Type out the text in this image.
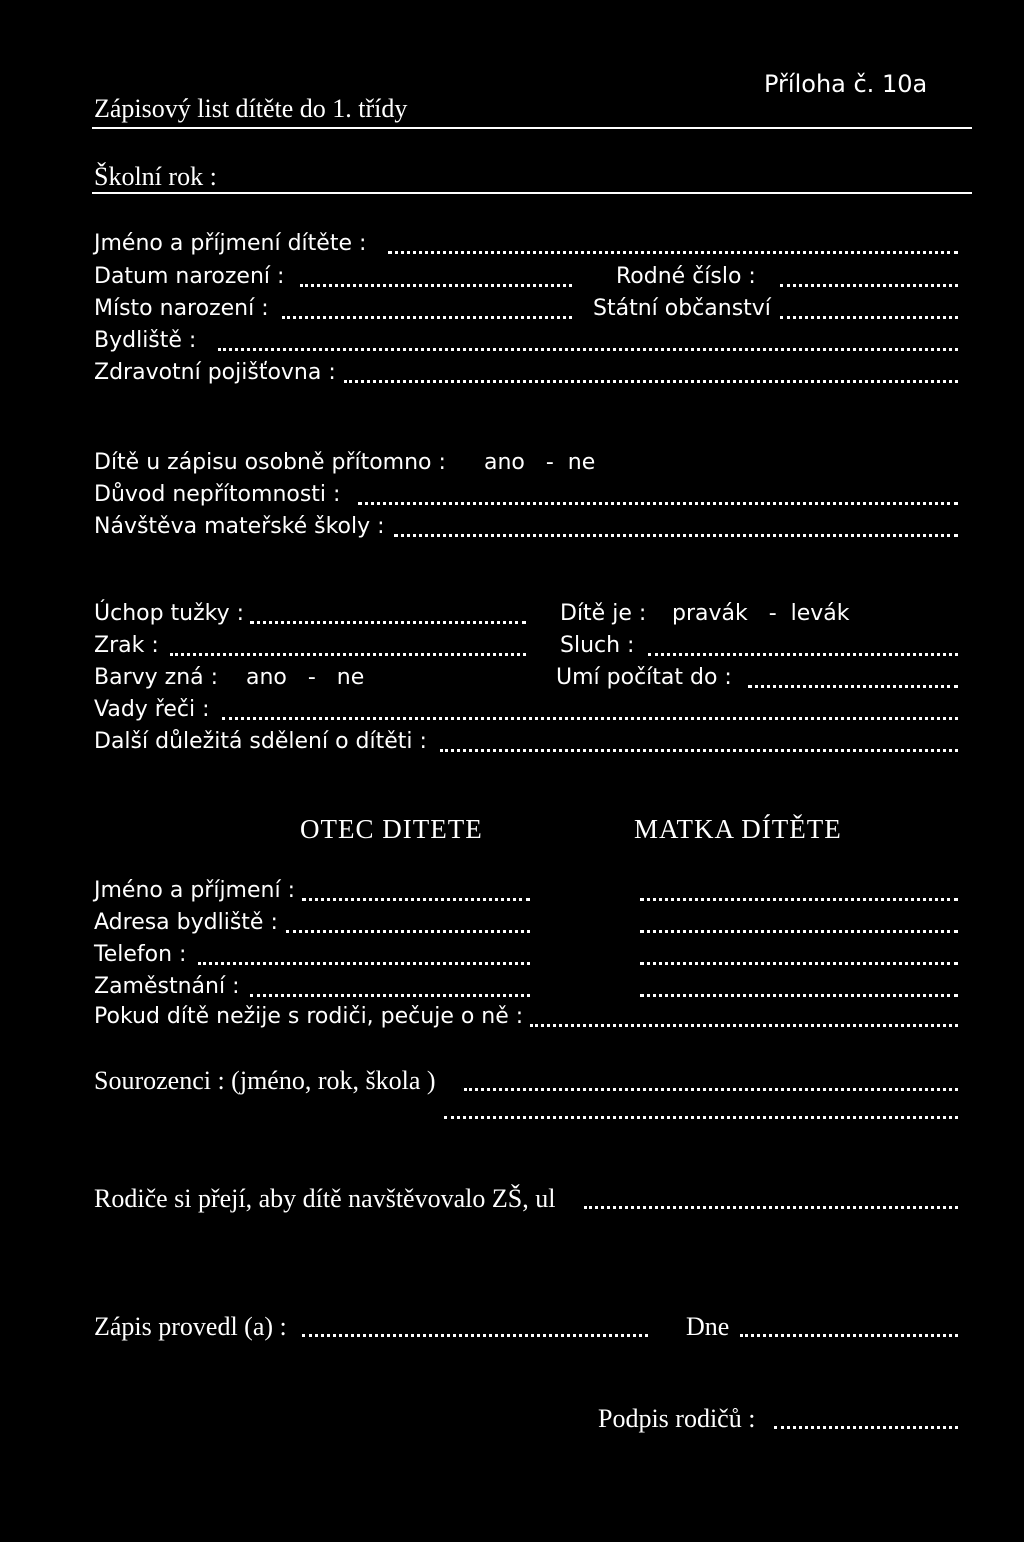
Zápisový list dítěte do 1. třídy
Příloha č. 10a
Školní rok :
Jméno a příjmení dítěte :
Datum narození :	Rodné číslo :
Místo narození :	Státní občanství
Bydliště :
Zdravotní pojišťovna :
Dítě u zápisu osobně přítomno : ano   -  ne
Důvod nepřítomnosti :
Návštěva mateřské školy :
Úchop tužky :	Dítě je : pravák   -  levák
Zrak :	Sluch :
Barvy zná : ano   -   ne	Umí počítat do :
Vady řeči :
Další důležitá sdělení o dítěti :
OTEC DITETE	MATKA DÍTĚTE
Jméno a příjmení :
Adresa bydliště :
Telefon :
Zaměstnání :
Pokud dítě nežije s rodiči, pečuje o ně :
Sourozenci : (jméno, rok, škola )
Rodiče si přejí, aby dítě navštěvovalo ZŠ, ul
Zápis provedl (a) :	Dne
Podpis rodičů :
